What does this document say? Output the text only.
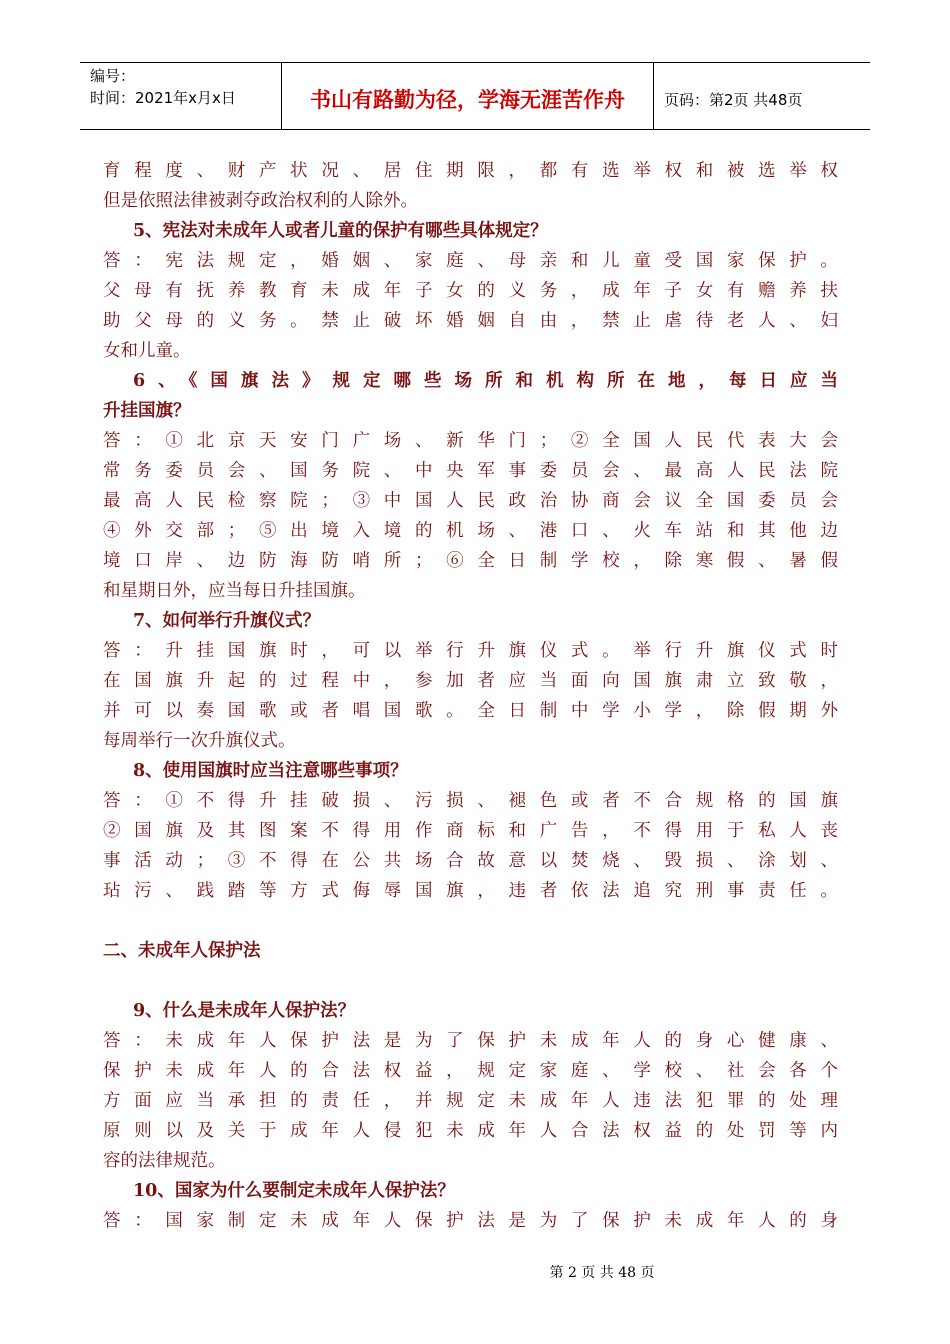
编号：
时间：2021年x月x日	书山有路勤为径，学海无涯苦作舟	页码：第2页 共48页
育程度、财产状况、居住期限，都有选举权和被选举权
但是依照法律被剥夺政治权利的人除外。
5、宪法对未成年人或者儿童的保护有哪些具体规定？
答：宪法规定，婚姻、家庭、母亲和儿童受国家保护。
父母有抚养教育未成年子女的义务，成年子女有赡养扶
助父母的义务。禁止破坏婚姻自由，禁止虐待老人、妇
女和儿童。
6、《国旗法》规定哪些场所和机构所在地，每日应当
升挂国旗？
答：①北京天安门广场、新华门；②全国人民代表大会
常务委员会、国务院、中央军事委员会、最高人民法院
最高人民检察院；③中国人民政治协商会议全国委员会
④外交部；⑤出境入境的机场、港口、火车站和其他边
境口岸、边防海防哨所；⑥全日制学校，除寒假、暑假
和星期日外，应当每日升挂国旗。
7、如何举行升旗仪式？
答：升挂国旗时，可以举行升旗仪式。举行升旗仪式时
在国旗升起的过程中，参加者应当面向国旗肃立致敬，
并可以奏国歌或者唱国歌。全日制中学小学，除假期外
每周举行一次升旗仪式。
8、使用国旗时应当注意哪些事项？
答：①不得升挂破损、污损、褪色或者不合规格的国旗
②国旗及其图案不得用作商标和广告，不得用于私人丧
事活动；③不得在公共场合故意以焚烧、毁损、涂划、
玷污、践踏等方式侮辱国旗，违者依法追究刑事责任。
二、未成年人保护法
9、什么是未成年人保护法？
答：未成年人保护法是为了保护未成年人的身心健康、
保护未成年人的合法权益，规定家庭、学校、社会各个
方面应当承担的责任，并规定未成年人违法犯罪的处理
原则以及关于成年人侵犯未成年人合法权益的处罚等内
容的法律规范。
10、国家为什么要制定未成年人保护法？
答：国家制定未成年人保护法是为了保护未成年人的身
第 2 页 共 48 页
